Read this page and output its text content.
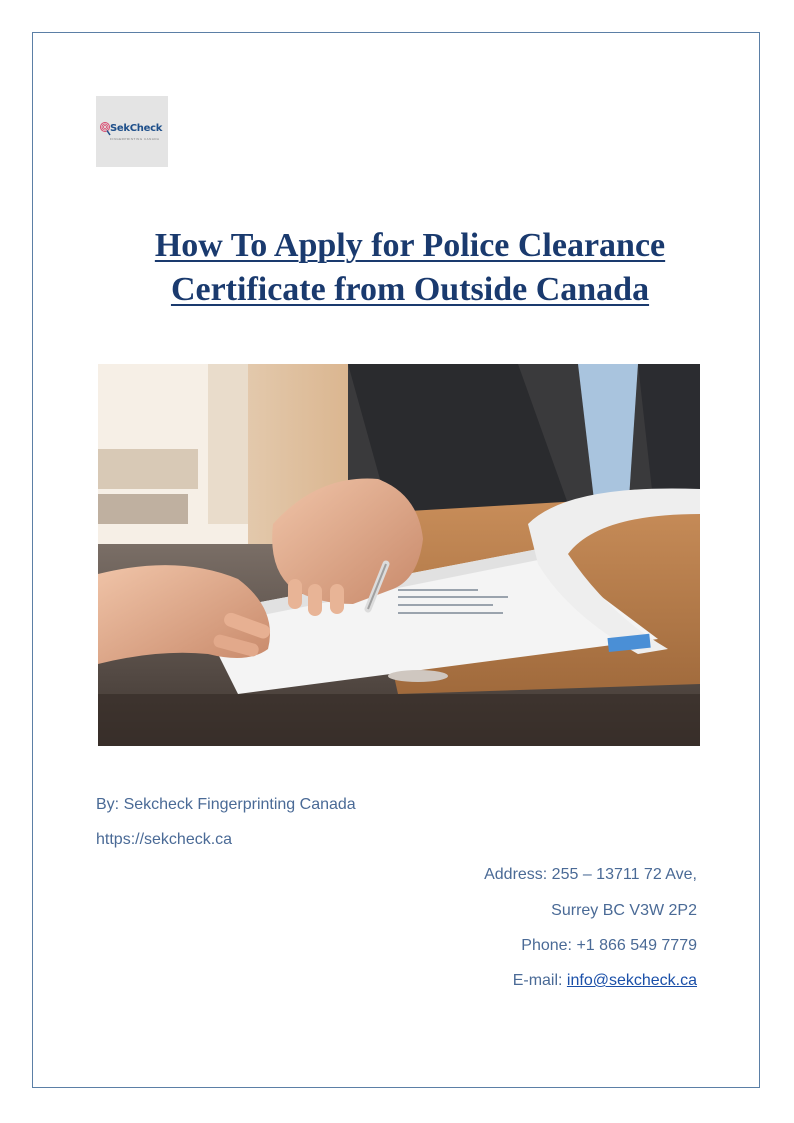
SekCheck
FINGERPRINTING CANADA
How To Apply for Police Clearance
Certificate from Outside Canada
By: Sekcheck Fingerprinting Canada
https://sekcheck.ca
Address: 255 – 13711 72 Ave,
Surrey BC V3W 2P2
Phone: +1 866 549 7779
E-mail: info@sekcheck.ca
